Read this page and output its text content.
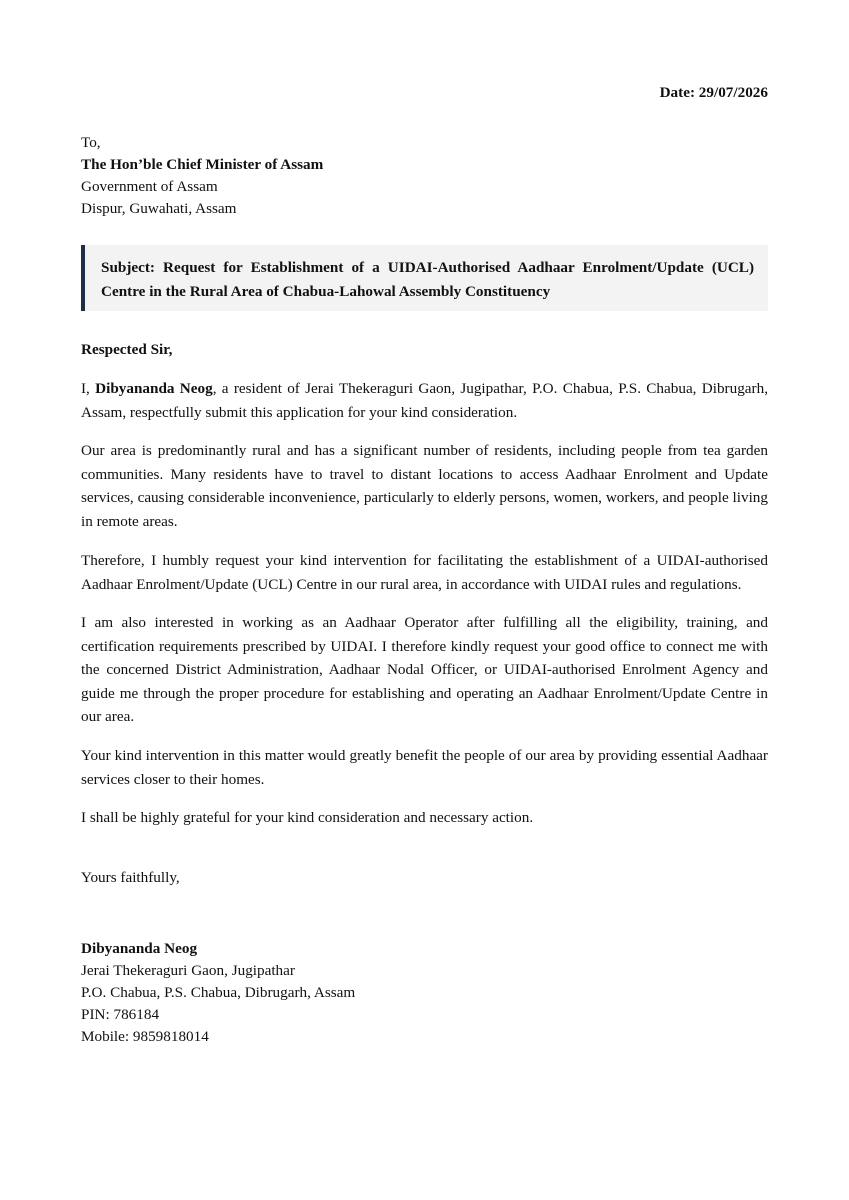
Date: 29/07/2026
To,
The Hon’ble Chief Minister of Assam
Government of Assam
Dispur, Guwahati, Assam
Subject: Request for Establishment of a UIDAI-Authorised Aadhaar Enrolment/Update (UCL) Centre in the Rural Area of Chabua-Lahowal Assembly Constituency
Respected Sir,
I, Dibyananda Neog, a resident of Jerai Thekeraguri Gaon, Jugipathar, P.O. Chabua, P.S. Chabua, Dibrugarh, Assam, respectfully submit this application for your kind consideration.
Our area is predominantly rural and has a significant number of residents, including people from tea garden communities. Many residents have to travel to distant locations to access Aadhaar Enrolment and Update services, causing considerable inconvenience, particularly to elderly persons, women, workers, and people living in remote areas.
Therefore, I humbly request your kind intervention for facilitating the establishment of a UIDAI-authorised Aadhaar Enrolment/Update (UCL) Centre in our rural area, in accordance with UIDAI rules and regulations.
I am also interested in working as an Aadhaar Operator after fulfilling all the eligibility, training, and certification requirements prescribed by UIDAI. I therefore kindly request your good office to connect me with the concerned District Administration, Aadhaar Nodal Officer, or UIDAI-authorised Enrolment Agency and guide me through the proper procedure for establishing and operating an Aadhaar Enrolment/Update Centre in our area.
Your kind intervention in this matter would greatly benefit the people of our area by providing essential Aadhaar services closer to their homes.
I shall be highly grateful for your kind consideration and necessary action.
Yours faithfully,
Dibyananda Neog
Jerai Thekeraguri Gaon, Jugipathar
P.O. Chabua, P.S. Chabua, Dibrugarh, Assam
PIN: 786184
Mobile: 9859818014
